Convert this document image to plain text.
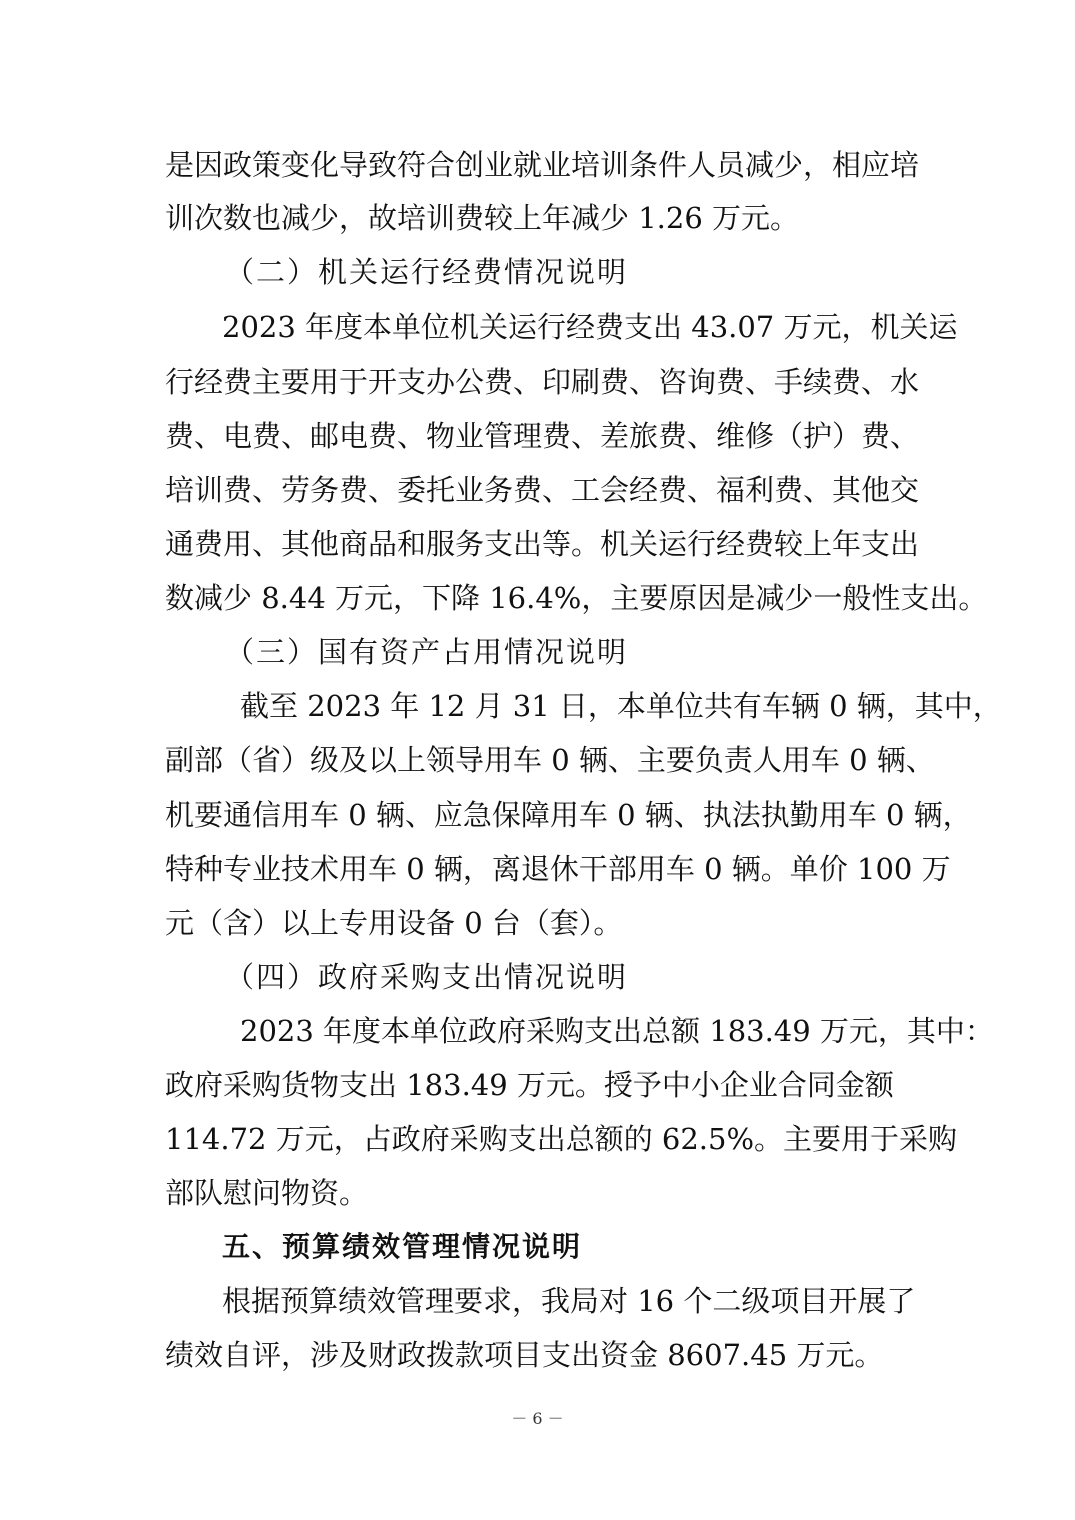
是因政策变化导致符合创业就业培训条件人员减少，相应培
训次数也减少，故培训费较上年减少 1.26 万元。
（二）机关运行经费情况说明
2023 年度本单位机关运行经费支出 43.07 万元，机关运
行经费主要用于开支办公费、印刷费、咨询费、手续费、水
费、电费、邮电费、物业管理费、差旅费、维修（护）费、
培训费、劳务费、委托业务费、工会经费、福利费、其他交
通费用、其他商品和服务支出等。机关运行经费较上年支出
数减少 8.44 万元，下降 16.4%，主要原因是减少一般性支出。
（三）国有资产占用情况说明
截至 2023 年 12 月 31 日，本单位共有车辆 0 辆，其中，
副部（省）级及以上领导用车 0 辆、主要负责人用车 0 辆、
机要通信用车 0 辆、应急保障用车 0 辆、执法执勤用车 0 辆，
特种专业技术用车 0 辆，离退休干部用车 0 辆。单价 100 万
元（含）以上专用设备 0 台（套）。
（四）政府采购支出情况说明
2023 年度本单位政府采购支出总额 183.49 万元，其中：
政府采购货物支出 183.49 万元。授予中小企业合同金额
114.72 万元，占政府采购支出总额的 62.5%。主要用于采购
部队慰问物资。
五、预算绩效管理情况说明
根据预算绩效管理要求，我局对 16 个二级项目开展了
绩效自评，涉及财政拨款项目支出资金 8607.45 万元。
－ 6 －
